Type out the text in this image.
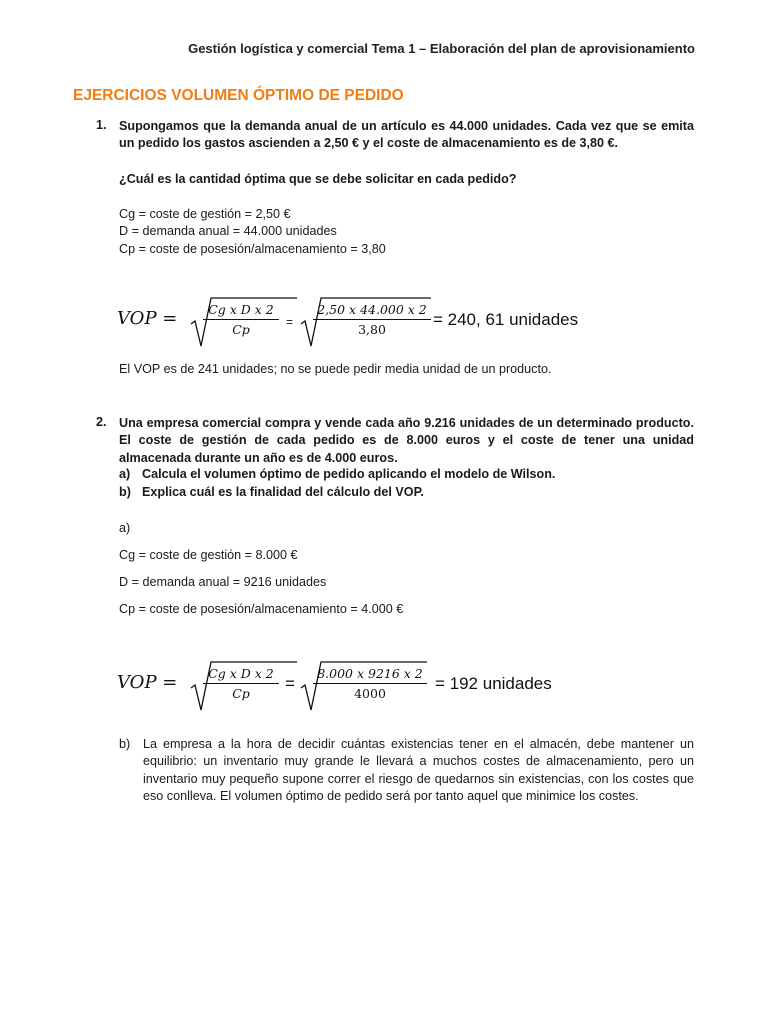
Gestión logística y comercial Tema 1 – Elaboración del plan de aprovisionamiento
EJERCICIOS VOLUMEN ÓPTIMO DE PEDIDO
1. Supongamos que la demanda anual de un artículo es 44.000 unidades. Cada vez que se emita un pedido los gastos ascienden a 2,50 € y el coste de almacenamiento es de 3,80 €.
¿Cuál es la cantidad óptima que se debe solicitar en cada pedido?
Cg = coste de gestión = 2,50 €
D = demanda anual = 44.000 unidades
Cp = coste de posesión/almacenamiento = 3,80
VOP = $\frac{\text{Cg x D x 2}}{Cp} = \frac{2,50 x 44.000 x 2}{3,80} = 240$, 61 unidades
El VOP es de 241 unidades; no se puede pedir media unidad de un producto.
2. Una empresa comercial compra y vende cada año 9.216 unidades de un determinado producto. El coste de gestión de cada pedido es de 8.000 euros y el coste de tener una unidad almacenada durante un año es de 4.000 euros.
a) Calcula el volumen óptimo de pedido aplicando el modelo de Wilson.
b) Explica cuál es la finalidad del cálculo del VOP.
a)
Cg = coste de gestión = 8.000 €
D = demanda anual = 9216 unidades
Cp = coste de posesión/almacenamiento = 4.000 €
VOP = $\frac{\text{Cg x D x 2}}{Cp} = \frac{8.000 x 9216 x 2}{4000} = 192$ unidades
b) La empresa a la hora de decidir cuántas existencias tener en el almacén, debe mantener un equilibrio: un inventario muy grande le llevará a muchos costes de almacenamiento, pero un inventario muy pequeño supone correr el riesgo de quedarnos sin existencias, con los costes que eso conlleva. El volumen óptimo de pedido será por tanto aquel que minimice los costes.
